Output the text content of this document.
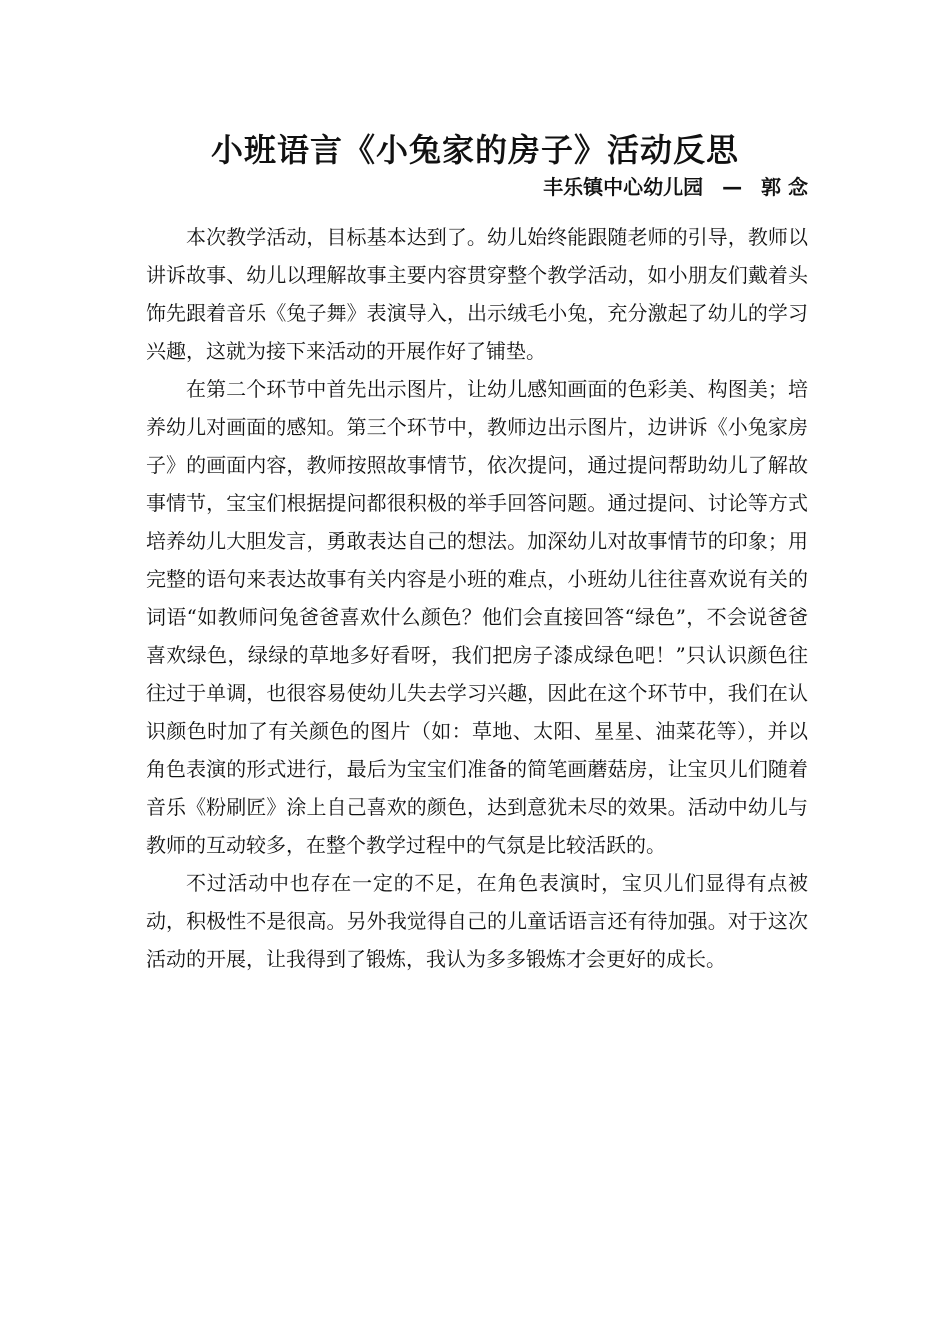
小班语言《小兔家的房子》活动反思
丰乐镇中心幼儿园 — 郭 念

本次教学活动，目标基本达到了。幼儿始终能跟随老师的引导，教师以讲诉故事、幼儿以理解故事主要内容贯穿整个教学活动，如小朋友们戴着头饰先跟着音乐《兔子舞》表演导入，出示绒毛小兔，充分激起了幼儿的学习兴趣，这就为接下来活动的开展作好了铺垫。

在第二个环节中首先出示图片，让幼儿感知画面的色彩美、构图美；培养幼儿对画面的感知。第三个环节中，教师边出示图片，边讲诉《小兔家房子》的画面内容，教师按照故事情节，依次提问，通过提问帮助幼儿了解故事情节，宝宝们根据提问都很积极的举手回答问题。通过提问、讨论等方式培养幼儿大胆发言，勇敢表达自己的想法。加深幼儿对故事情节的印象；用完整的语句来表达故事有关内容是小班的难点，小班幼儿往往喜欢说有关的词语“如教师问兔爸爸喜欢什么颜色？他们会直接回答“绿色”，不会说爸爸喜欢绿色，绿绿的草地多好看呀，我们把房子漆成绿色吧！”只认识颜色往往过于单调，也很容易使幼儿失去学习兴趣，因此在这个环节中，我们在认识颜色时加了有关颜色的图片（如：草地、太阳、星星、油菜花等），并以角色表演的形式进行，最后为宝宝们准备的简笔画蘑菇房，让宝贝儿们随着音乐《粉刷匠》涂上自己喜欢的颜色，达到意犹未尽的效果。活动中幼儿与教师的互动较多，在整个教学过程中的气氛是比较活跃的。

不过活动中也存在一定的不足，在角色表演时，宝贝儿们显得有点被动，积极性不是很高。另外我觉得自己的儿童话语言还有待加强。对于这次活动的开展，让我得到了锻炼，我认为多多锻炼才会更好的成长。
